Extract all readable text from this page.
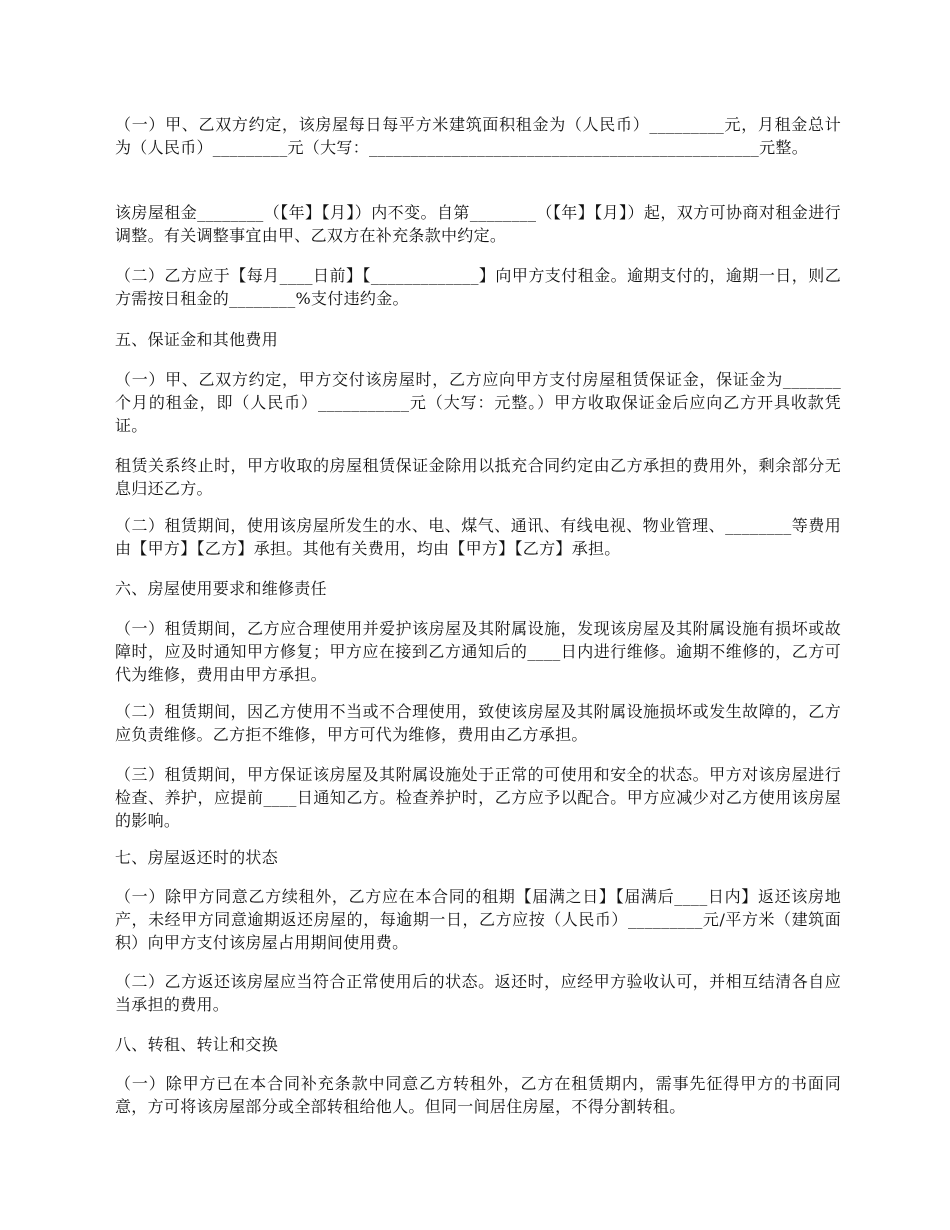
（一）甲、乙双方约定，该房屋每日每平方米建筑面积租金为（人民币）_________元，月租金总计为（人民币）_________元（大写：_______________________________________________元整。
该房屋租金________（【年】【月】）内不变。自第________（【年】【月】）起，双方可协商对租金进行调整。有关调整事宜由甲、乙双方在补充条款中约定。
（二）乙方应于【每月____日前】【_____________】向甲方支付租金。逾期支付的，逾期一日，则乙方需按日租金的________%支付违约金。
五、保证金和其他费用
（一）甲、乙双方约定，甲方交付该房屋时，乙方应向甲方支付房屋租赁保证金，保证金为_______个月的租金，即（人民币）___________元（大写：元整。）甲方收取保证金后应向乙方开具收款凭证。
租赁关系终止时，甲方收取的房屋租赁保证金除用以抵充合同约定由乙方承担的费用外，剩余部分无息归还乙方。
（二）租赁期间，使用该房屋所发生的水、电、煤气、通讯、有线电视、物业管理、________等费用由【甲方】【乙方】承担。其他有关费用，均由【甲方】【乙方】承担。
六、房屋使用要求和维修责任
（一）租赁期间，乙方应合理使用并爱护该房屋及其附属设施，发现该房屋及其附属设施有损坏或故障时，应及时通知甲方修复；甲方应在接到乙方通知后的____日内进行维修。逾期不维修的，乙方可代为维修，费用由甲方承担。
（二）租赁期间，因乙方使用不当或不合理使用，致使该房屋及其附属设施损坏或发生故障的，乙方应负责维修。乙方拒不维修，甲方可代为维修，费用由乙方承担。
（三）租赁期间，甲方保证该房屋及其附属设施处于正常的可使用和安全的状态。甲方对该房屋进行检查、养护，应提前____日通知乙方。检查养护时，乙方应予以配合。甲方应减少对乙方使用该房屋的影响。
七、房屋返还时的状态
（一）除甲方同意乙方续租外，乙方应在本合同的租期【届满之日】【届满后____日内】返还该房地产，未经甲方同意逾期返还房屋的，每逾期一日，乙方应按（人民币）_________元/平方米（建筑面积）向甲方支付该房屋占用期间使用费。
（二）乙方返还该房屋应当符合正常使用后的状态。返还时，应经甲方验收认可，并相互结清各自应当承担的费用。
八、转租、转让和交换
（一）除甲方已在本合同补充条款中同意乙方转租外，乙方在租赁期内，需事先征得甲方的书面同意，方可将该房屋部分或全部转租给他人。但同一间居住房屋，不得分割转租。
